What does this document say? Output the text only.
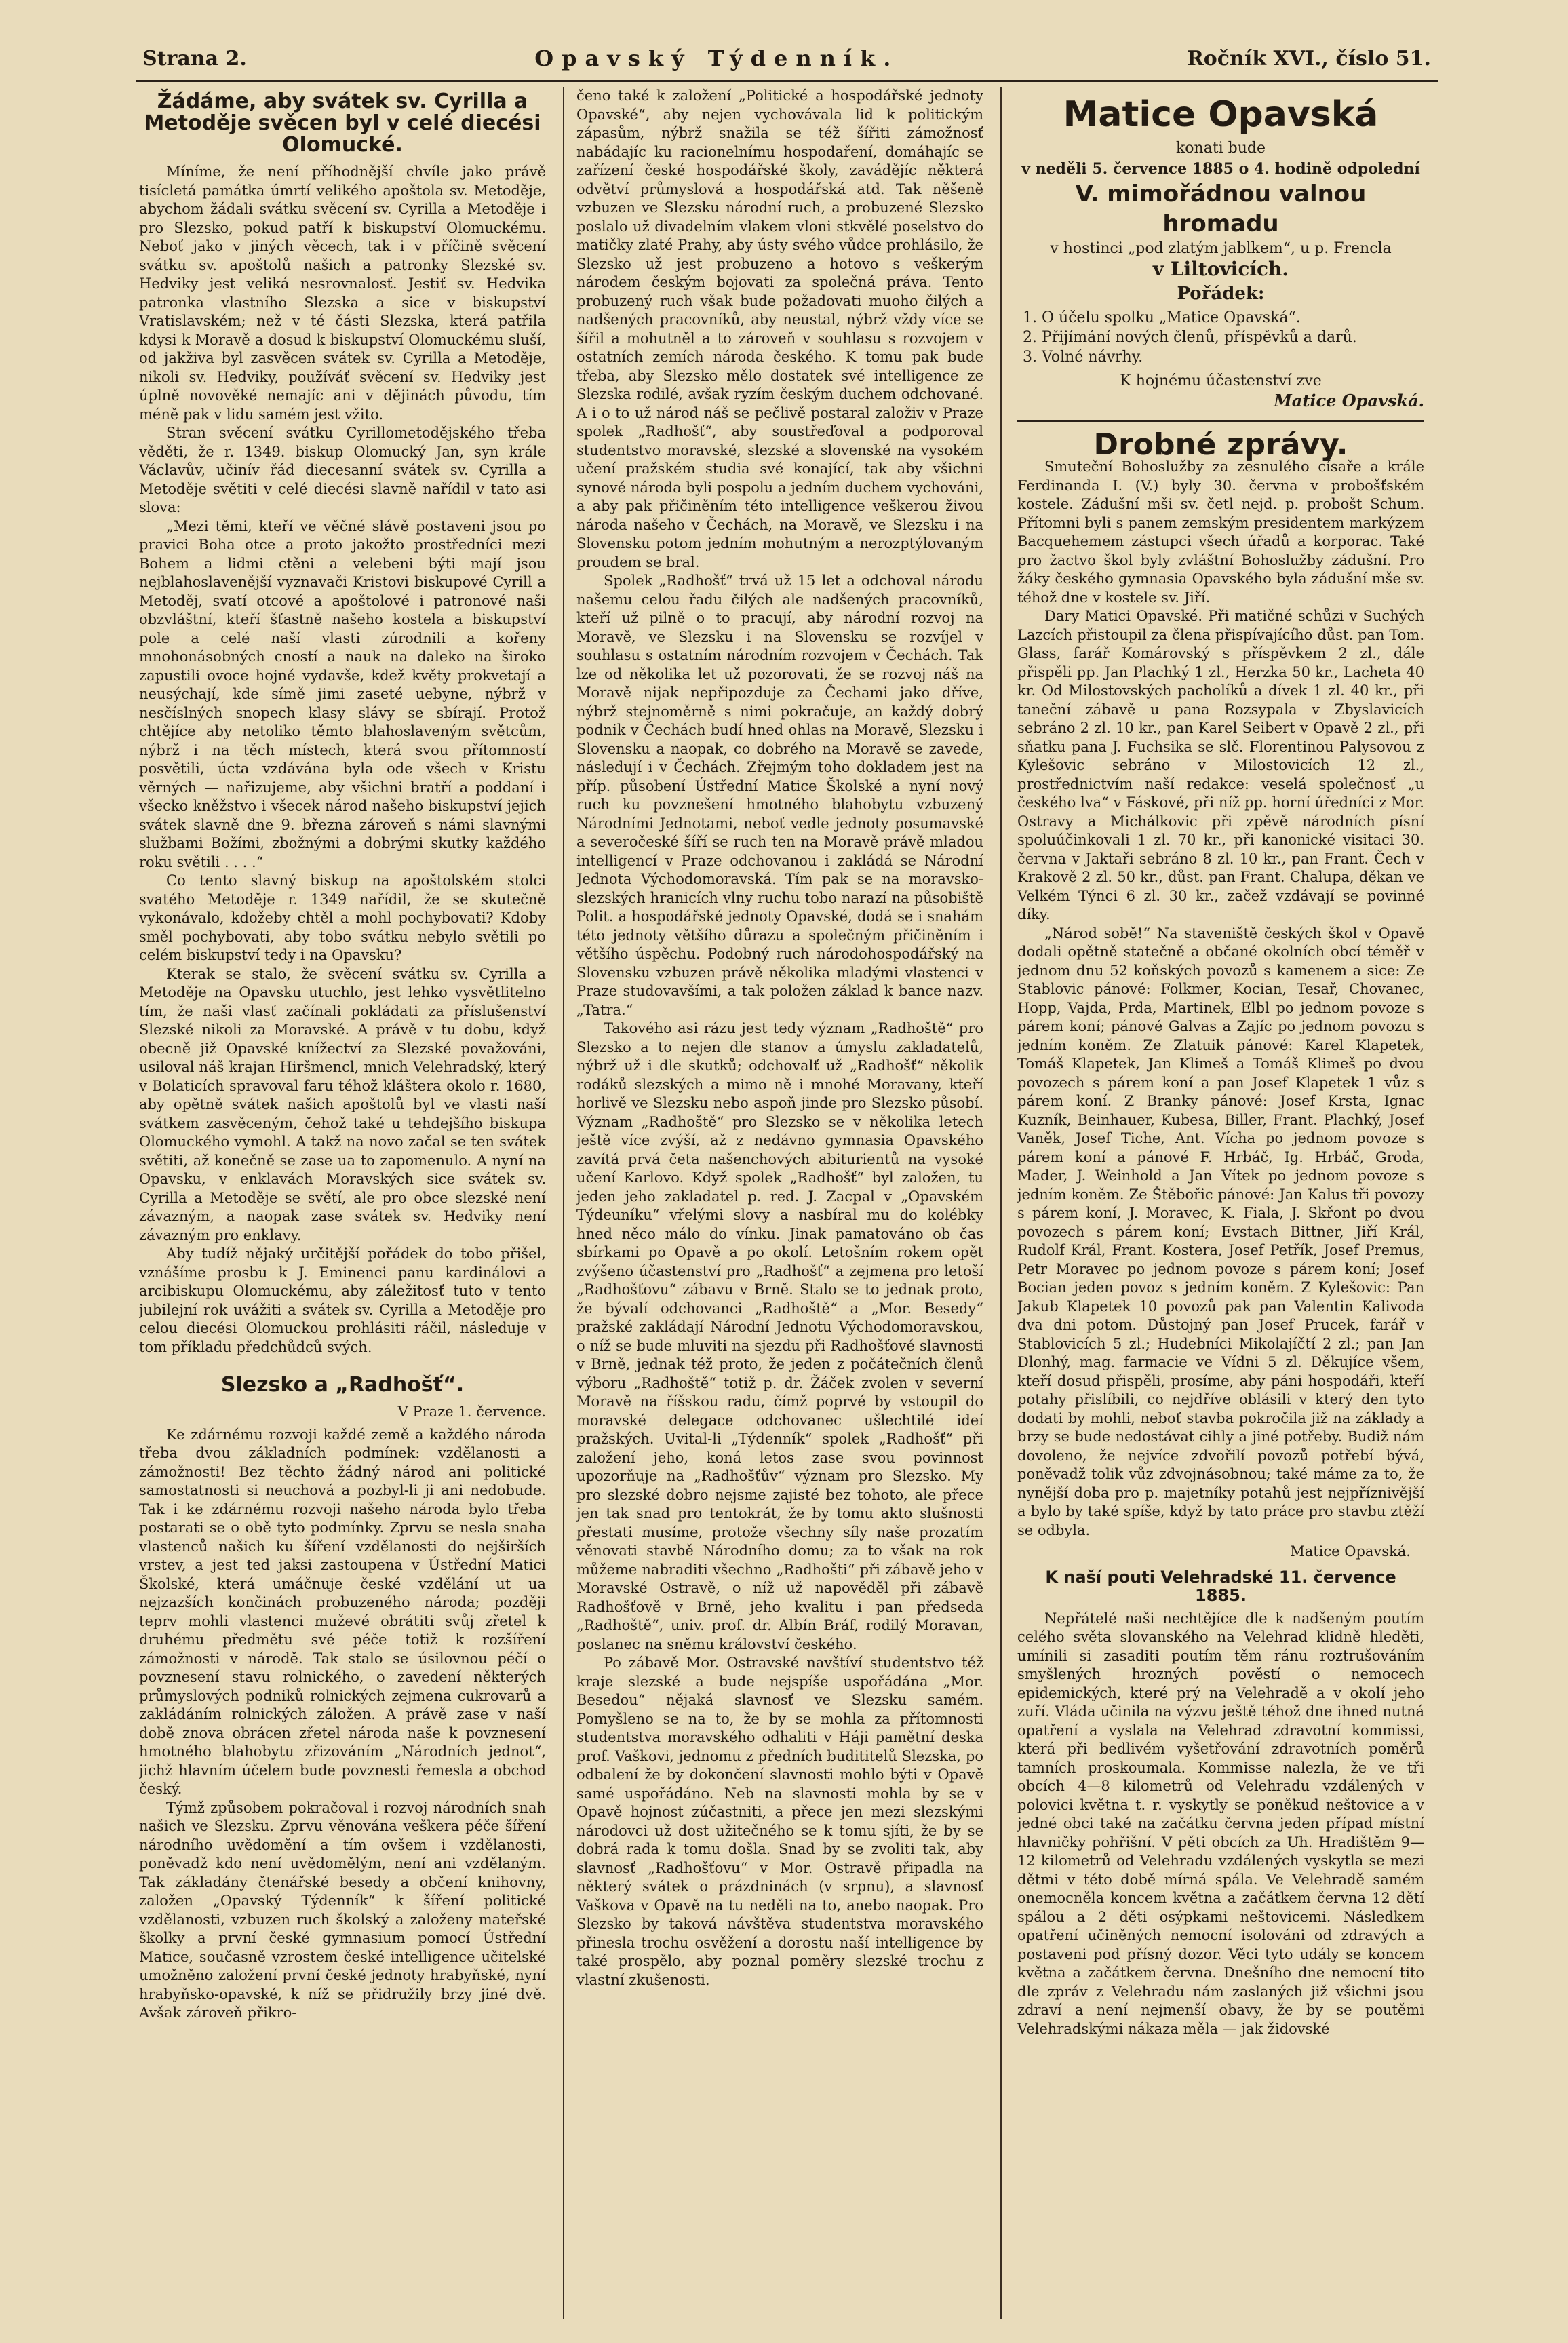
Strana 2.	Opavský Týdenník.	Ročník XVI., číslo 51.
Žádáme, aby svátek sv. Cyrilla a Metoděje svěcen byl v celé diecési Olomucké.

Míníme, že není příhodnější chvíle jako právě tisícletá památka úmrtí velikého apoštola sv. Metoděje, abychom žádali svátku svěcení sv. Cyrilla a Metoděje i pro Slezsko, pokud patří k biskupství Olomuckému. Neboť jako v jiných věcech, tak i v příčině svěcení svátku sv. apoštolů našich a patronky Slezské sv. Hedviky jest veliká nesrovnalosť. Jestiť sv. Hedvika patronka vlastního Slezska a sice v biskupství Vratislavském; než v té části Slezska, která patřila kdysi k Moravě a dosud k biskupství Olomuckému sluší, od jakživa byl zasvěcen svátek sv. Cyrilla a Metoděje, nikoli sv. Hedviky, používáť svěcení sv. Hedviky jest úplně novověké nemajíc ani v dějinách původu, tím méně pak v lidu samém jest vžito.

Stran svěcení svátku Cyrillometodějského třeba věděti, že r. 1349. biskup Olomucký Jan, syn krále Václavův, učinív řád diecesanní svátek sv. Cyrilla a Metoděje světiti v celé diecési slavně nařídil v tato asi slova:

„Mezi těmi, kteří ve věčné slávě postaveni jsou po pravici Boha otce a proto jakožto prostředníci mezi Bohem a lidmi ctěni a velebeni býti mají jsou nejblahoslavenější vyznavači Kristovi biskupové Cyrill a Metoděj, svatí otcové a apoštolové i patronové naši obzvláštní, kteří šťastně našeho kostela a biskupství pole a celé naší vlasti zúrodnili a kořeny mnohonásobných cností a nauk na daleko na široko zapustili ovoce hojné vydavše, kdež květy prokvetají a neusýchají, kde símě jimi zaseté uebyne, nýbrž v nesčíslných snopech klasy slávy se sbírají. Protož chtějíce aby netoliko těmto blahoslaveným světcům, nýbrž i na těch místech, která svou přítomností posvětili, úcta vzdávána byla ode všech v Kristu věrných — nařizujeme, aby všichni bratří a poddaní i všecko kněžstvo i všecek národ našeho biskupství jejich svátek slavně dne 9. března zároveň s námi slavnými službami Božími, zbožnými a dobrými skutky každého roku světili . . . .“

Co tento slavný biskup na apoštolském stolci svatého Metoděje r. 1349 nařídil, že se skutečně vykonávalo, kdožeby chtěl a mohl pochybovati? Kdoby směl pochybovati, aby tobo svátku nebylo světili po celém biskupství tedy i na Opavsku?

Kterak se stalo, že svěcení svátku sv. Cyrilla a Metoděje na Opavsku utuchlo, jest lehko vysvětlitelno tím, že naši vlasť začínali pokládati za příslušenství Slezské nikoli za Moravské. A právě v tu dobu, když obecně již Opavské knížectví za Slezské považováni, usiloval náš krajan Hiršmencl, mnich Velehradský, který v Bolaticích spravoval faru téhož kláštera okolo r. 1680, aby opětně svátek našich apoštolů byl ve vlasti naší svátkem zasvěceným, čehož také u tehdejšího biskupa Olomuckého vymohl. A takž na novo začal se ten svátek světiti, až konečně se zase ua to zapomenulo. A nyní na Opavsku, v enklavách Moravských sice svátek sv. Cyrilla a Metoděje se světí, ale pro obce slezské není závazným, a naopak zase svátek sv. Hedviky není závazným pro enklavy.

Aby tudíž nějaký určitější pořádek do tobo přišel, vznášíme prosbu k J. Eminenci panu kardinálovi a arcibiskupu Olomuckému, aby záležitosť tuto v tento jubilejní rok uvážiti a svátek sv. Cyrilla a Metoděje pro celou diecési Olomuckou prohlásiti ráčil, následuje v tom příkladu předchůdců svých.

Slezsko a „Radhošť“.
V Praze 1. července.

Ke zdárnému rozvoji každé země a každého národa třeba dvou základních podmínek: vzdělanosti a zámožnosti! Bez těchto žádný národ ani politické samostatnosti si neuchová a pozbyl-li ji ani nedobude. Tak i ke zdárnému rozvoji našeho národa bylo třeba postarati se o obě tyto podmínky. Zprvu se nesla snaha vlastenců našich ku šíření vzdělanosti do nejširších vrstev, a jest ted jaksi zastoupena v Ústřední Matici Školské, která umáčnuje české vzdělání ut ua nejzazších končinách probuzeného národa; později teprv mohli vlastenci muževé obrátiti svůj zřetel k druhému předmětu své péče totiž k rozšíření zámožnosti v národě. Tak stalo se úsilovnou péčí o povznesení stavu rolnického, o zavedení některých průmyslových podniků rolnických zejmena cukrovarů a zakládáním rolnických záložen. A právě zase v naší době znova obrácen zřetel národa naše k povznesení hmotného blahobytu zřizováním „Národních jednot“, jichž hlavním účelem bude povznesti řemesla a obchod český.

Týmž způsobem pokračoval i rozvoj národních snah našich ve Slezsku. Zprvu věnována veškera péče šíření národního uvědomění a tím ovšem i vzdělanosti, poněvadž kdo není uvědomělým, není ani vzdělaným. Tak základány čtenářské besedy a občení knihovny, založen „Opavský Týdenník“ k šíření politické vzdělanosti, vzbuzen ruch školský a založeny mateřské školky a první české gymnasium pomocí Ústřední Matice, současně vzrostem české intelligence učitelské umožněno založení první české jednoty hrabyňské, nyní hrabyňsko-opavské, k níž se přidružily brzy jiné dvě. Avšak zároveň přikro-

čeno také k založení „Politické a hospodářské jednoty Opavské“, aby nejen vychovávala lid k politickým zápasům, nýbrž snažila se též šířiti zámožnosť nabádajíc ku racionelnímu hospodaření, domáhajíc se zařízení české hospodářské školy, zavádějíc některá odvětví průmyslová a hospodářská atd. Tak něšeně vzbuzen ve Slezsku národní ruch, a probuzené Slezsko poslalo už divadelním vlakem vloni stkvělé poselstvo do matičky zlaté Prahy, aby ústy svého vůdce prohlásilo, že Slezsko už jest probuzeno a hotovo s veškerým národem českým bojovati za společná práva. Tento probuzený ruch však bude požadovati muoho čilých a nadšených pracovníků, aby neustal, nýbrž vždy více se šířil a mohutněl a to zároveň v souhlasu s rozvojem v ostatních zemích národa českého. K tomu pak bude třeba, aby Slezsko mělo dostatek své intelligence ze Slezska rodilé, avšak ryzím českým duchem odchované. A i o to už národ náš se pečlivě postaral založiv v Praze spolek „Radhošť“, aby soustřeďoval a podporoval studentstvo moravské, slezské a slovenské na vysokém učení pražském studia své konající, tak aby všichni synové národa byli pospolu a jedním duchem vychováni, a aby pak přičiněním této intelligence veškerou živou národa našeho v Čechách, na Moravě, ve Slezsku i na Slovensku potom jedním mohutným a nerozptýlovaným proudem se bral.

Spolek „Radhošť“ trvá už 15 let a odchoval národu našemu celou řadu čilých ale nadšených pracovníků, kteří už pilně o to pracují, aby národní rozvoj na Moravě, ve Slezsku i na Slovensku se rozvíjel v souhlasu s ostatním národním rozvojem v Čechách. Tak lze od několika let už pozorovati, že se rozvoj náš na Moravě nijak nepřipozduje za Čechami jako dříve, nýbrž stejnoměrně s nimi pokračuje, an každý dobrý podnik v Čechách budí hned ohlas na Moravě, Slezsku i Slovensku a naopak, co dobrého na Moravě se zavede, následují i v Čechách. Zřejmým toho dokladem jest na příp. působení Ústřední Matice Školské a nyní nový ruch ku povznešení hmotného blahobytu vzbuzený Národními Jednotami, neboť vedle jednoty posumavské a severočeské šíří se ruch ten na Moravě právě mladou intelligencí v Praze odchovanou i zakládá se Národní Jednota Východomoravská. Tím pak se na moravsko-slezských hranicích vlny ruchu tobo narazí na působiště Polit. a hospodářské jednoty Opavské, dodá se i snahám této jednoty většího důrazu a společným přičiněním i většího úspěchu. Podobný ruch národohospodářský na Slovensku vzbuzen právě několika mladými vlastenci v Praze studovavšími, a tak položen základ k bance nazv. „Tatra.“

Takového asi rázu jest tedy význam „Radhoště“ pro Slezsko a to nejen dle stanov a úmyslu zakladatelů, nýbrž už i dle skutků; odchovalť už „Radhošť“ několik rodáků slezských a mimo ně i mnohé Moravany, kteří horlivě ve Slezsku nebo aspoň jinde pro Slezsko působí. Význam „Radhoště“ pro Slezsko se v několika letech ještě více zvýší, až z nedávno gymnasia Opavského zavítá prvá četa našenchových abiturientů na vysoké učení Karlovo. Když spolek „Radhošť“ byl založen, tu jeden jeho zakladatel p. red. J. Zacpal v „Opavském Týdeuníku“ vřelými slovy a nasbíral mu do kolébky hned něco málo do vínku. Jinak pamatováno ob čas sbírkami po Opavě a po okolí. Letošním rokem opět zvýšeno účastenství pro „Radhošť“ a zejmena pro letoší „Radhošťovu“ zábavu v Brně. Stalo se to jednak proto, že bývalí odchovanci „Radhoště“ a „Mor. Besedy“ pražské zakládají Národní Jednotu Východomoravskou, o níž se bude mluviti na sjezdu při Radhošťové slavnosti v Brně, jednak též proto, že jeden z počátečních členů výboru „Radhoště“ totiž p. dr. Žáček zvolen v severní Moravě na říšskou radu, čímž poprvé by vstoupil do moravské delegace odchovanec ušlechtilé ideí pražských. Uvital-li „Týdenník“ spolek „Radhošť“ při založení jeho, koná letos zase svou povinnost upozorňuje na „Radhošťův“ význam pro Slezsko. My pro slezské dobro nejsme zajisté bez tohoto, ale přece jen tak snad pro tentokrát, že by tomu akto slušnosti přestati musíme, protože všechny síly naše prozatím věnovati stavbě Národního domu; za to však na rok můžeme nabraditi všechno „Radhošti“ při zábavě jeho v Moravské Ostravě, o níž už napověděl při zábavě Radhošťově v Brně, jeho kvalitu i pan předseda „Radhoště“, univ. prof. dr. Albín Bráf, rodilý Moravan, poslanec na sněmu království českého.

Po zábavě Mor. Ostravské navštíví studentstvo též kraje slezské a bude nejspíše uspořádána „Mor. Besedou“ nějaká slavnosť ve Slezsku samém. Pomyšleno se na to, že by se mohla za přítomnosti studentstva moravského odhaliti v Háji pamětní deska prof. Vaškovi, jednomu z předních budititelů Slezska, po odbalení že by dokončení slavnosti mohlo býti v Opavě samé uspořádáno. Neb na slavnosti mohla by se v Opavě hojnost zúčastniti, a přece jen mezi slezskými národovci už dost užitečného se k tomu sjíti, že by se dobrá rada k tomu došla. Snad by se zvoliti tak, aby slavnosť „Radhošťovu“ v Mor. Ostravě připadla na některý svátek o prázdninách (v srpnu), a slavnosť Vaškova v Opavě na tu neděli na to, anebo naopak. Pro Slezsko by taková návštěva studentstva moravského přinesla trochu osvěžení a dorostu naší intelligence by také prospělo, aby poznal poměry slezské trochu z vlastní zkušenosti.

Matice Opavská
konati bude
v neděli 5. července 1885 o 4. hodině odpolední
V. mimořádnou valnou hromadu
v hostinci „pod zlatým jablkem“, u p. Frencla
v Liltovicích.
Pořádek:
1. O účelu spolku „Matice Opavská“.
2. Přijímání nových členů, příspěvků a darů.
3. Volné návrhy.
K hojnému účastenství zve
Matice Opavská.
Drobné zprávy.

Smuteční Bohoslužby za zesnulého císaře a krále Ferdinanda I. (V.) byly 30. června v probošťském kostele. Zádušní mši sv. četl nejd. p. probošt Schum. Přítomni byli s panem zemským presidentem markýzem Bacquehemem zástupci všech úřadů a korporac. Také pro žactvo škol byly zvláštní Bohoslužby zádušní. Pro žáky českého gymnasia Opavského byla zádušní mše sv. téhož dne v kostele sv. Jiří.

Dary Matici Opavské. Při matičné schůzi v Suchých Lazcích přistoupil za člena přispívajícího důst. pan Tom. Glass, farář Komárovský s příspěvkem 2 zl., dále přispěli pp. Jan Plachký 1 zl., Herzka 50 kr., Lacheta 40 kr. Od Milostovských pacholíků a dívek 1 zl. 40 kr., při taneční zábavě u pana Rozsypala v Zbyslavicích sebráno 2 zl. 10 kr., pan Karel Seibert v Opavě 2 zl., při sňatku pana J. Fuchsika se slč. Florentinou Palysovou z Kylešovic sebráno v Milostovicích 12 zl., prostřednictvím naší redakce: veselá společnosť „u českého lva“ v Fáskové, při níž pp. horní úředníci z Mor. Ostravy a Michálkovic při zpěvě národních písní spoluúčinkovali 1 zl. 70 kr., při kanonické visitaci 30. června v Jaktaři sebráno 8 zl. 10 kr., pan Frant. Čech v Krakově 2 zl. 50 kr., důst. pan Frant. Chalupa, děkan ve Velkém Týnci 6 zl. 30 kr., začež vzdávají se povinné díky.

„Národ sobě!“ Na staveniště českých škol v Opavě dodali opětně statečně a občané okolních obcí téměř v jednom dnu 52 koňských povozů s kamenem a sice: Ze Stablovic pánové: Folkmer, Kocian, Tesař, Chovanec, Hopp, Vajda, Prda, Martinek, Elbl po jednom povoze s párem koní; pánové Galvas a Zajíc po jednom povozu s jedním koněm. Ze Zlatuik pánové: Karel Klapetek, Tomáš Klapetek, Jan Klimeš a Tomáš Klimeš po dvou povozech s párem koní a pan Josef Klapetek 1 vůz s párem koní. Z Branky pánové: Josef Krsta, Ignac Kuzník, Beinhauer, Kubesa, Biller, Frant. Plachký, Josef Vaněk, Josef Tiche, Ant. Vícha po jednom povoze s párem koní a pánové F. Hrbáč, Ig. Hrbáč, Groda, Mader, J. Weinhold a Jan Vítek po jednom povoze s jedním koněm. Ze Štěbořic pánové: Jan Kalus tři povozy s párem koní, J. Moravec, K. Fiala, J. Skřont po dvou povozech s párem koní; Evstach Bittner, Jiří Král, Rudolf Král, Frant. Kostera, Josef Petřík, Josef Premus, Petr Moravec po jednom povoze s párem koní; Josef Bocian jeden povoz s jedním koněm. Z Kylešovic: Pan Jakub Klapetek 10 povozů pak pan Valentin Kalivoda dva dni potom. Důstojný pan Josef Prucek, farář v Stablovicích 5 zl.; Hudebníci Mikolajíčtí 2 zl.; pan Jan Dlonhý, mag. farmacie ve Vídni 5 zl. Děkujíce všem, kteří dosud přispěli, prosíme, aby páni hospodáři, kteří potahy přislíbili, co nejdříve oblásili v který den tyto dodati by mohli, neboť stavba pokročila již na základy a brzy se bude nedostávat cihly a jiné potřeby. Budiž nám dovoleno, že nejvíce zdvořilí povozů potřebí bývá, poněvadž tolik vůz zdvojnásobnou; také máme za to, že nynější doba pro p. majetníky potahů jest nejpříznivější a bylo by také spíše, když by tato práce pro stavbu ztěží se odbyla.

Matice Opavská.
K naší pouti Velehradské 11. července 1885.

Nepřátelé naši nechtějíce dle k nadšeným poutím celého světa slovanského na Velehrad klidně hleděti, umínili si zasaditi poutím těm ránu roztrušováním smyšlených hrozných pověstí o nemocech epidemických, které prý na Velehradě a v okolí jeho zuří. Vláda učinila na výzvu ještě téhož dne ihned nutná opatření a vyslala na Velehrad zdravotní kommissi, která při bedlivém vyšetřování zdravotních poměrů tamních proskoumala. Kommisse nalezla, že ve tři obcích 4—8 kilometrů od Velehradu vzdálených v polovici května t. r. vyskytly se poněkud neštovice a v jedné obci také na začátku června jeden případ místní hlavničky pohřišní. V pěti obcích za Uh. Hradištěm 9—12 kilometrů od Velehradu vzdálených vyskytla se mezi dětmi v této době mírná spála. Ve Velehradě samém onemocněla koncem května a začátkem června 12 dětí spálou a 2 děti osýpkami neštovicemi. Následkem opatření učiněných nemocní isolováni od zdravých a postaveni pod přísný dozor. Věci tyto udály se koncem května a začátkem června. Dnešního dne nemocní tito dle zpráv z Velehradu nám zaslaných již všichni jsou zdraví a není nejmenší obavy, že by se poutěmi Velehradskými nákaza měla — jak židovské
